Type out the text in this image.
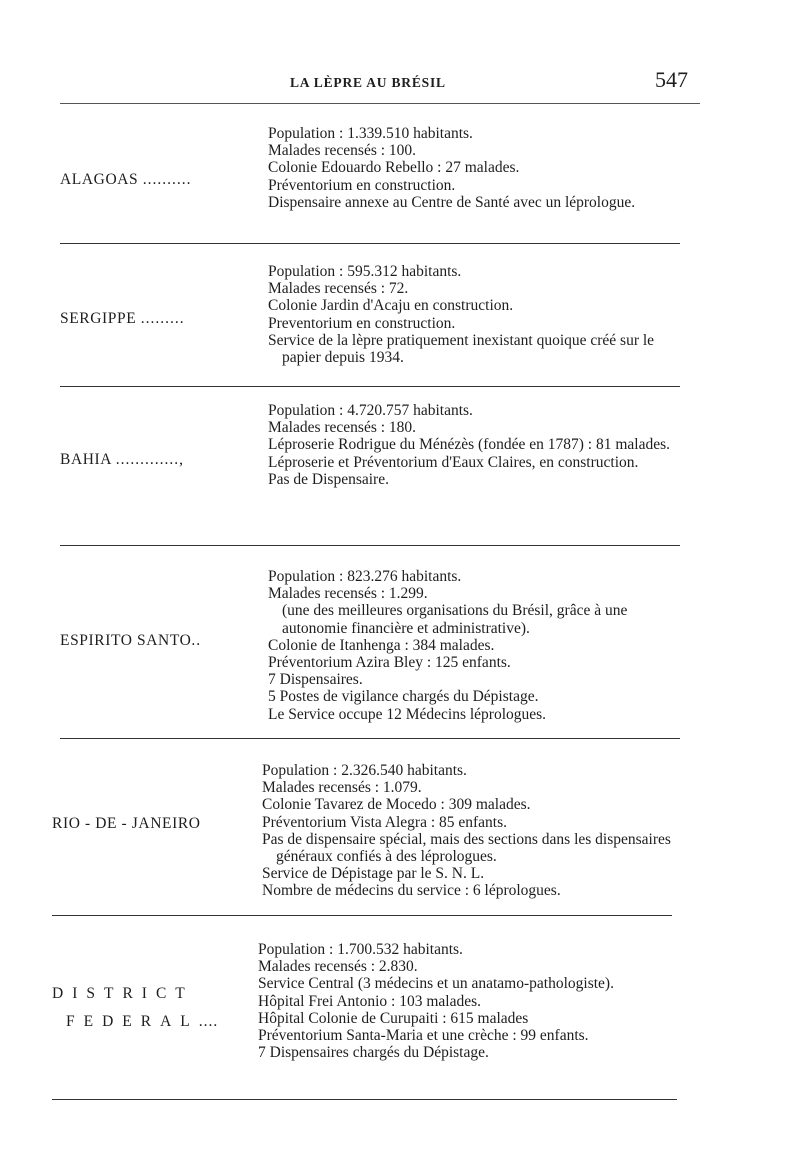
LA LÈPRE AU BRÉSIL	547
ALAGOAS ..........
Population : 1.339.510 habitants.
Malades recensés : 100.
Colonie Edouardo Rebello : 27 malades.
Préventorium en construction.
Dispensaire annexe au Centre de Santé avec un léprologue.
SERGIPPE .........
Population : 595.312 habitants.
Malades recensés : 72.
Colonie Jardin d'Acaju en construction.
Preventorium en construction.
Service de la lèpre pratiquement inexistant quoique créé sur le papier depuis 1934.
BAHIA .............,
Population : 4.720.757 habitants.
Malades recensés : 180.
Léproserie Rodrigue du Ménézès (fondée en 1787) : 81 malades.
Léproserie et Préventorium d'Eaux Claires, en construction.
Pas de Dispensaire.
ESPIRITO SANTO..
Population : 823.276 habitants.
Malades recensés : 1.299.
(une des meilleures organisations du Brésil, grâce à une autonomie financière et administrative).
Colonie de Itanhenga : 384 malades.
Préventorium Azira Bley : 125 enfants.
7 Dispensaires.
5 Postes de vigilance chargés du Dépistage.
Le Service occupe 12 Médecins léprologues.
RIO - DE - JANEIRO
Population : 2.326.540 habitants.
Malades recensés : 1.079.
Colonie Tavarez de Mocedo : 309 malades.
Préventorium Vista Alegra : 85 enfants.
Pas de dispensaire spécial, mais des sections dans les dispensaires généraux confiés à des léprologues.
Service de Dépistage par le S. N. L.
Nombre de médecins du service : 6 léprologues.
DISTRICT
FEDERAL....
Population : 1.700.532 habitants.
Malades recensés : 2.830.
Service Central (3 médecins et un anatamo-pathologiste).
Hôpital Frei Antonio : 103 malades.
Hôpital Colonie de Curupaiti : 615 malades
Préventorium Santa-Maria et une crèche : 99 enfants.
7 Dispensaires chargés du Dépistage.
